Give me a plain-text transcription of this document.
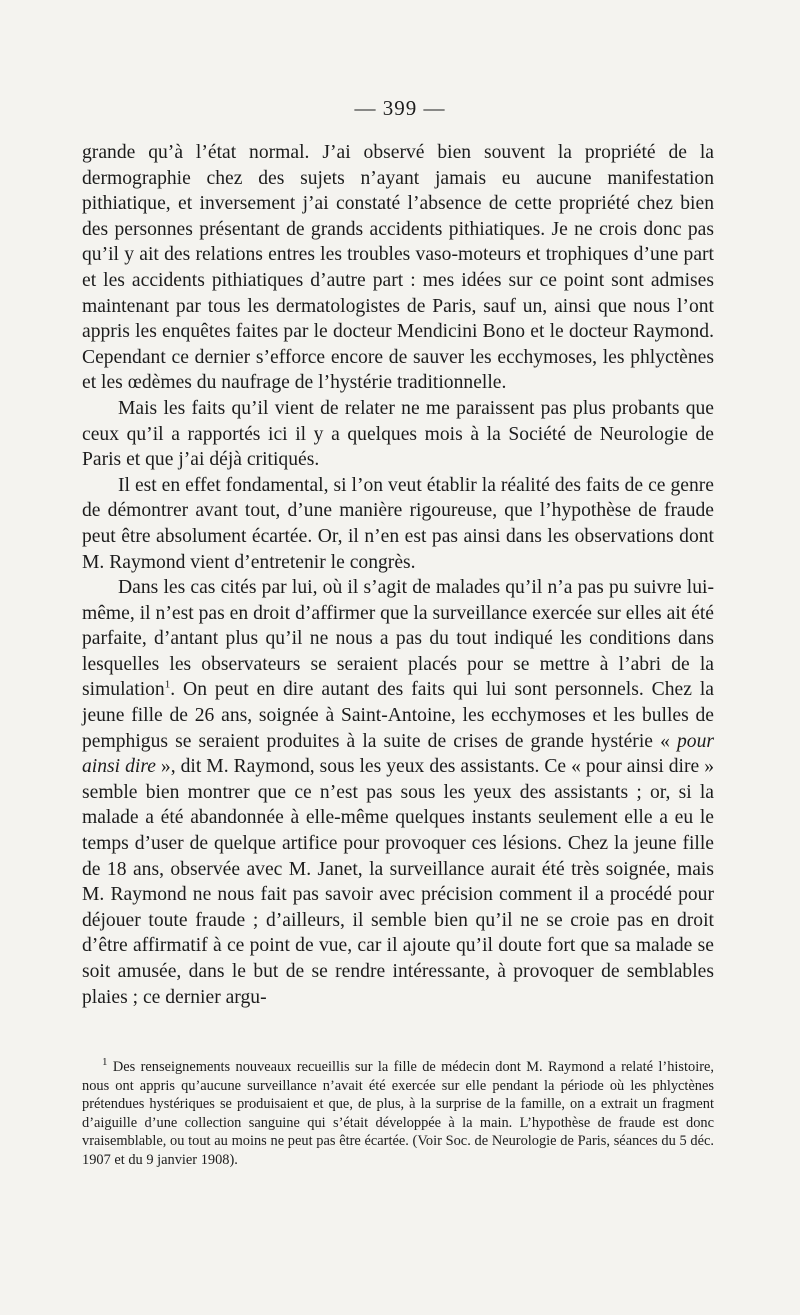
— 399 —

grande qu’à l’état normal. J’ai observé bien souvent la propriété de la dermographie chez des sujets n’ayant jamais eu aucune manifestation pithiatique, et inversement j’ai constaté l’absence de cette propriété chez bien des personnes présentant de grands accidents pithiatiques. Je ne crois donc pas qu’il y ait des relations entres les troubles vaso-moteurs et trophiques d’une part et les accidents pithiatiques d’autre part : mes idées sur ce point sont admises maintenant par tous les dermatologistes de Paris, sauf un, ainsi que nous l’ont appris les enquêtes faites par le docteur Mendicini Bono et le docteur Raymond. Cependant ce dernier s’efforce encore de sauver les ecchymoses, les phlyctènes et les œdèmes du naufrage de l’hystérie traditionnelle.

Mais les faits qu’il vient de relater ne me paraissent pas plus probants que ceux qu’il a rapportés ici il y a quelques mois à la Société de Neurologie de Paris et que j’ai déjà critiqués.

Il est en effet fondamental, si l’on veut établir la réalité des faits de ce genre de démontrer avant tout, d’une manière rigoureuse, que l’hypothèse de fraude peut être absolument écartée. Or, il n’en est pas ainsi dans les observations dont M. Raymond vient d’entretenir le congrès.

Dans les cas cités par lui, où il s’agit de malades qu’il n’a pas pu suivre lui-même, il n’est pas en droit d’affirmer que la surveillance exercée sur elles ait été parfaite, d’antant plus qu’il ne nous a pas du tout indiqué les conditions dans lesquelles les observateurs se seraient placés pour se mettre à l’abri de la simulation$^1$. On peut en dire autant des faits qui lui sont personnels. Chez la jeune fille de 26 ans, soignée à Saint-Antoine, les ecchymoses et les bulles de pemphigus se seraient produites à la suite de crises de grande hystérie « pour ainsi dire », dit M. Raymond, sous les yeux des assistants. Ce « pour ainsi dire » semble bien montrer que ce n’est pas sous les yeux des assistants ; or, si la malade a été abandonnée à elle-même quelques instants seulement elle a eu le temps d’user de quelque artifice pour provoquer ces lésions. Chez la jeune fille de 18 ans, observée avec M. Janet, la surveillance aurait été très soignée, mais M. Raymond ne nous fait pas savoir avec précision comment il a procédé pour déjouer toute fraude ; d’ailleurs, il semble bien qu’il ne se croie pas en droit d’être affirmatif à ce point de vue, car il ajoute qu’il doute fort que sa malade se soit amusée, dans le but de se rendre intéressante, à provoquer de semblables plaies ; ce dernier argu-

$^1$ Des renseignements nouveaux recueillis sur la fille de médecin dont M. Raymond a relaté l’histoire, nous ont appris qu’aucune surveillance n’avait été exercée sur elle pendant la période où les phlyctènes prétendues hystériques se produisaient et que, de plus, à la surprise de la famille, on a extrait un fragment d’aiguille d’une collection sanguine qui s’était développée à la main. L’hypothèse de fraude est donc vraisemblable, ou tout au moins ne peut pas être écartée. (Voir Soc. de Neurologie de Paris, séances du 5 déc. 1907 et du 9 janvier 1908).
